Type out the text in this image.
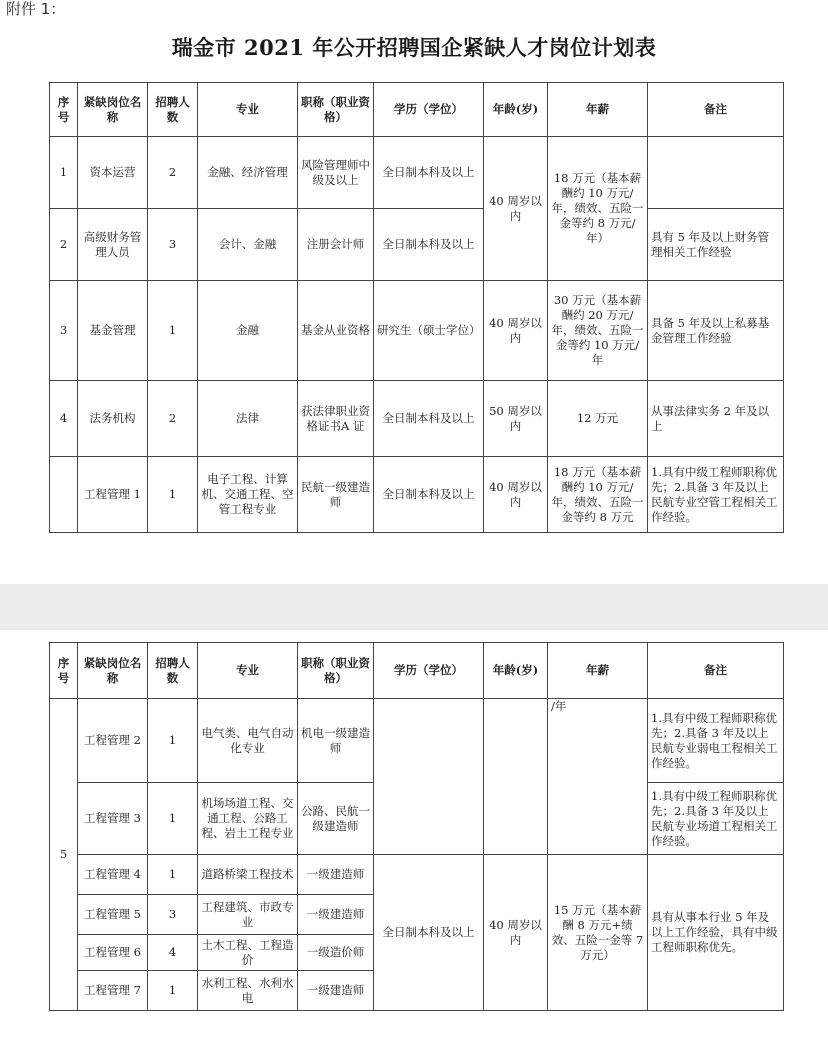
附件 1：
瑞金市 2021 年公开招聘国企紧缺人才岗位计划表
序号	紧缺岗位名称	招聘人数	专业	职称（职业资格）	学历（学位）	年龄(岁)	年薪	备注
1	资本运营	2	金融、经济管理	风险管理师中级及以上	全日制本科及以上	40 周岁以内	18 万元（基本薪酬约 10 万元/年，绩效、五险一金等约 8 万元/年）	
2	高级财务管理人员	3	会计、金融	注册会计师	全日制本科及以上			具有 5 年及以上财务管理相关工作经验
3	基金管理	1	金融	基金从业资格	研究生（硕士学位）	40 周岁以内	30 万元（基本薪酬约 20 万元/年，绩效、五险一金等约 10 万元/年	具备 5 年及以上私募基金管理工作经验
4	法务机构	2	法律	获法律职业资格证书A 证	全日制本科及以上	50 周岁以内	12 万元	从事法律实务 2 年及以上
	工程管理 1	1	电子工程、计算机、交通工程、空管工程专业	民航一级建造师	全日制本科及以上	40 周岁以内	18 万元（基本薪酬约 10 万元/年，绩效、五险一金等约 8 万元	1.具有中级工程师职称优先；2.具备 3 年及以上民航专业空管工程相关工作经验。
序号	紧缺岗位名称	招聘人数	专业	职称（职业资格）	学历（学位）	年龄(岁)	年薪	备注
5	工程管理 2	1	电气类、电气自动化专业	机电一级建造师			/年	1.具有中级工程师职称优先；2.具备 3 年及以上民航专业弱电工程相关工作经验。
	工程管理 3	1	机场场道工程、交通工程、公路工程、岩土工程专业	公路、民航一级建造师				1.具有中级工程师职称优先；2.具备 3 年及以上民航专业场道工程相关工作经验。
	工程管理 4	1	道路桥梁工程技术	一级建造师	全日制本科及以上	40 周岁以内	15 万元（基本薪酬 8 万元+绩效、五险一金等 7 万元）	具有从事本行业 5 年及以上工作经验，具有中级工程师职称优先。
	工程管理 5	3	工程建筑、市政专业	一级建造师				
	工程管理 6	4	土木工程、工程造价	一级造价师				
	工程管理 7	1	水利工程、水利水电	一级建造师				
